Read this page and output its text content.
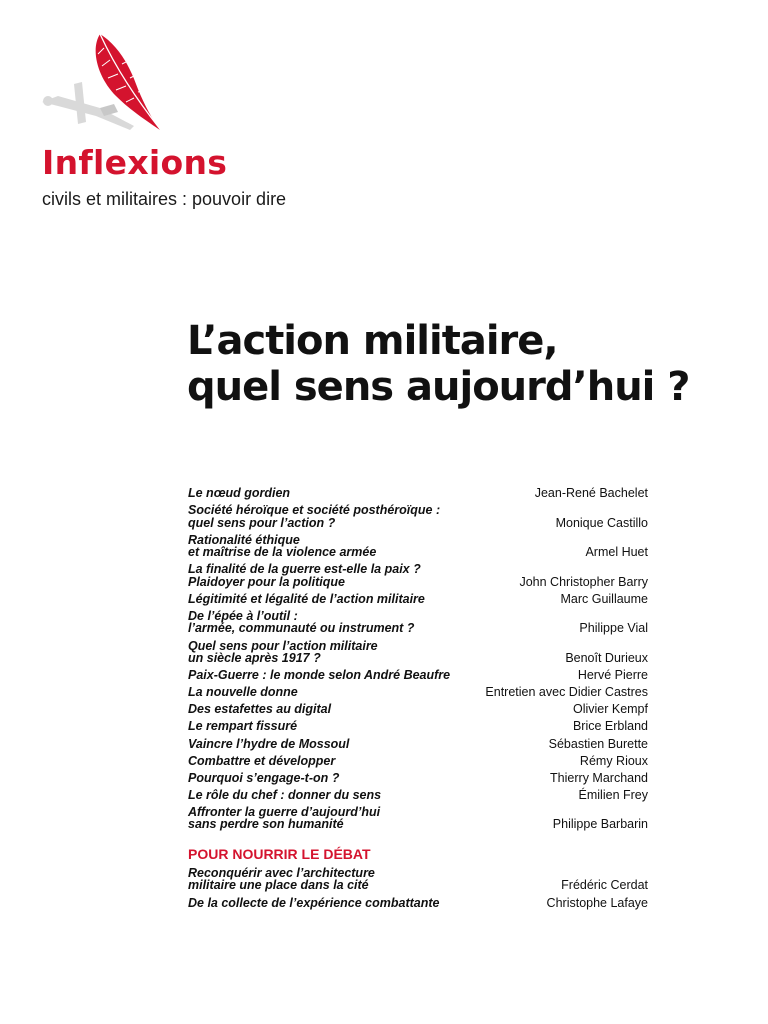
Inflexions

civils et militaires : pouvoir dire

L’action militaire,
quel sens aujourd’hui ?
Le nœud gordien	Jean-René Bachelet
Société héroïque et société posthéroïque :
quel sens pour l’action ?	Monique Castillo
Rationalité éthique
et maîtrise de la violence armée	Armel Huet
La finalité de la guerre est-elle la paix ?
Plaidoyer pour la politique	John Christopher Barry
Légitimité et légalité de l’action militaire	Marc Guillaume
De l’épée à l’outil :
l’armée, communauté ou instrument ?	Philippe Vial
Quel sens pour l’action militaire
un siècle après 1917 ?	Benoît Durieux
Paix-Guerre : le monde selon André Beaufre	Hervé Pierre
La nouvelle donne	Entretien avec Didier Castres
Des estafettes au digital	Olivier Kempf
Le rempart fissuré	Brice Erbland
Vaincre l’hydre de Mossoul	Sébastien Burette
Combattre et développer	Rémy Rioux
Pourquoi s’engage-t-on ?	Thierry Marchand
Le rôle du chef : donner du sens	Émilien Frey
Affronter la guerre d’aujourd’hui
sans perdre son humanité	Philippe Barbarin
POUR NOURRIR LE DÉBAT
Reconquérir avec l’architecture
militaire une place dans la cité	Frédéric Cerdat
De la collecte de l’expérience combattante	Christophe Lafaye
